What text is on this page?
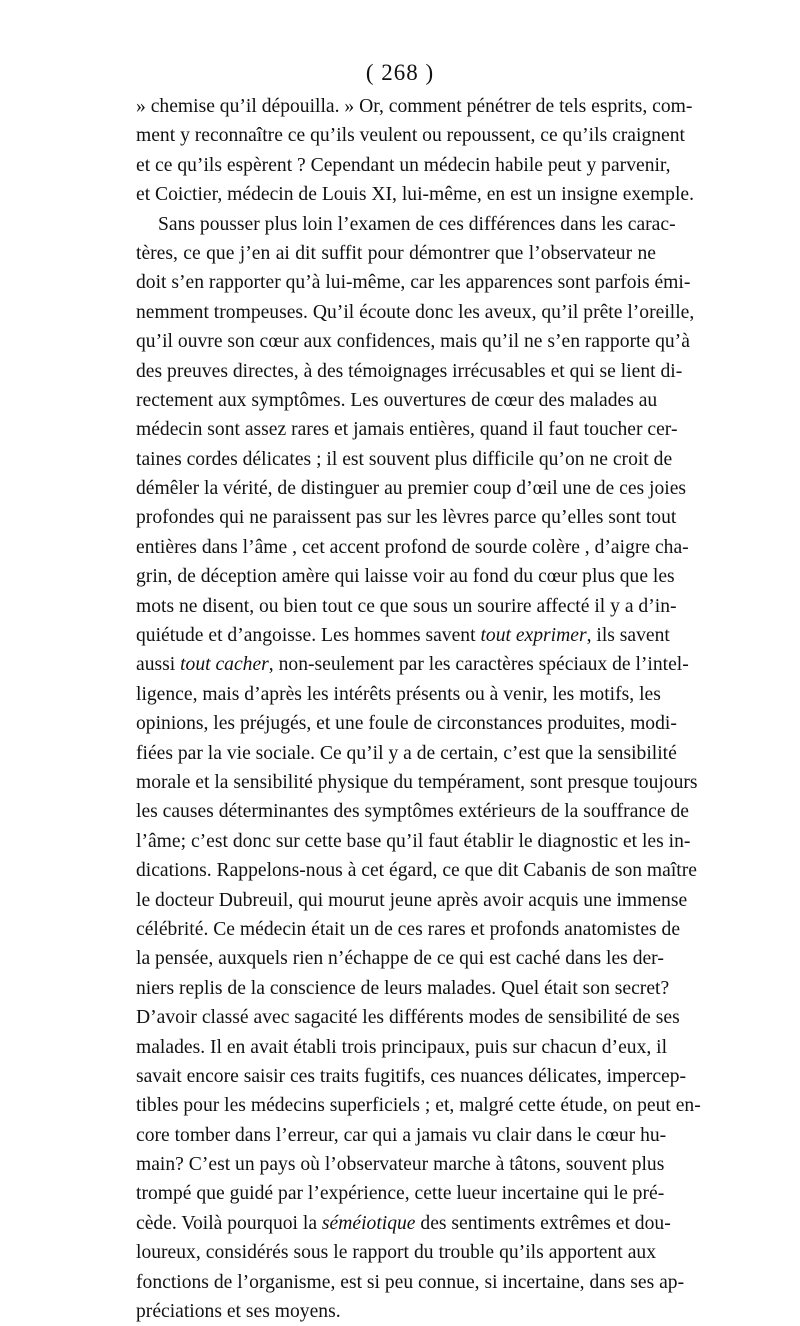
( 268 )
» chemise qu’il dépouilla. » Or, comment pénétrer de tels esprits, com-
ment y reconnaître ce qu’ils veulent ou repoussent, ce qu’ils craignent
et ce qu’ils espèrent ? Cependant un médecin habile peut y parvenir,
et Coictier, médecin de Louis XI, lui-même, en est un insigne exemple.
Sans pousser plus loin l’examen de ces différences dans les carac-
tères, ce que j’en ai dit suffit pour démontrer que l’observateur ne
doit s’en rapporter qu’à lui-même, car les apparences sont parfois émi-
nemment trompeuses. Qu’il écoute donc les aveux, qu’il prête l’oreille,
qu’il ouvre son cœur aux confidences, mais qu’il ne s’en rapporte qu’à
des preuves directes, à des témoignages irrécusables et qui se lient di-
rectement aux symptômes. Les ouvertures de cœur des malades au
médecin sont assez rares et jamais entières, quand il faut toucher cer-
taines cordes délicates ; il est souvent plus difficile qu’on ne croit de
démêler la vérité, de distinguer au premier coup d’œil une de ces joies
profondes qui ne paraissent pas sur les lèvres parce qu’elles sont tout
entières dans l’âme , cet accent profond de sourde colère , d’aigre cha-
grin, de déception amère qui laisse voir au fond du cœur plus que les
mots ne disent, ou bien tout ce que sous un sourire affecté il y a d’in-
quiétude et d’angoisse. Les hommes savent tout exprimer, ils savent
aussi tout cacher, non-seulement par les caractères spéciaux de l’intel-
ligence, mais d’après les intérêts présents ou à venir, les motifs, les
opinions, les préjugés, et une foule de circonstances produites, modi-
fiées par la vie sociale. Ce qu’il y a de certain, c’est que la sensibilité
morale et la sensibilité physique du tempérament, sont presque toujours
les causes déterminantes des symptômes extérieurs de la souffrance de
l’âme; c’est donc sur cette base qu’il faut établir le diagnostic et les in-
dications. Rappelons-nous à cet égard, ce que dit Cabanis de son maître
le docteur Dubreuil, qui mourut jeune après avoir acquis une immense
célébrité. Ce médecin était un de ces rares et profonds anatomistes de
la pensée, auxquels rien n’échappe de ce qui est caché dans les der-
niers replis de la conscience de leurs malades. Quel était son secret?
D’avoir classé avec sagacité les différents modes de sensibilité de ses
malades. Il en avait établi trois principaux, puis sur chacun d’eux, il
savait encore saisir ces traits fugitifs, ces nuances délicates, impercep-
tibles pour les médecins superficiels ; et, malgré cette étude, on peut en-
core tomber dans l’erreur, car qui a jamais vu clair dans le cœur hu-
main? C’est un pays où l’observateur marche à tâtons, souvent plus
trompé que guidé par l’expérience, cette lueur incertaine qui le pré-
cède. Voilà pourquoi la séméiotique des sentiments extrêmes et dou-
loureux, considérés sous le rapport du trouble qu’ils apportent aux
fonctions de l’organisme, est si peu connue, si incertaine, dans ses ap-
préciations et ses moyens.
